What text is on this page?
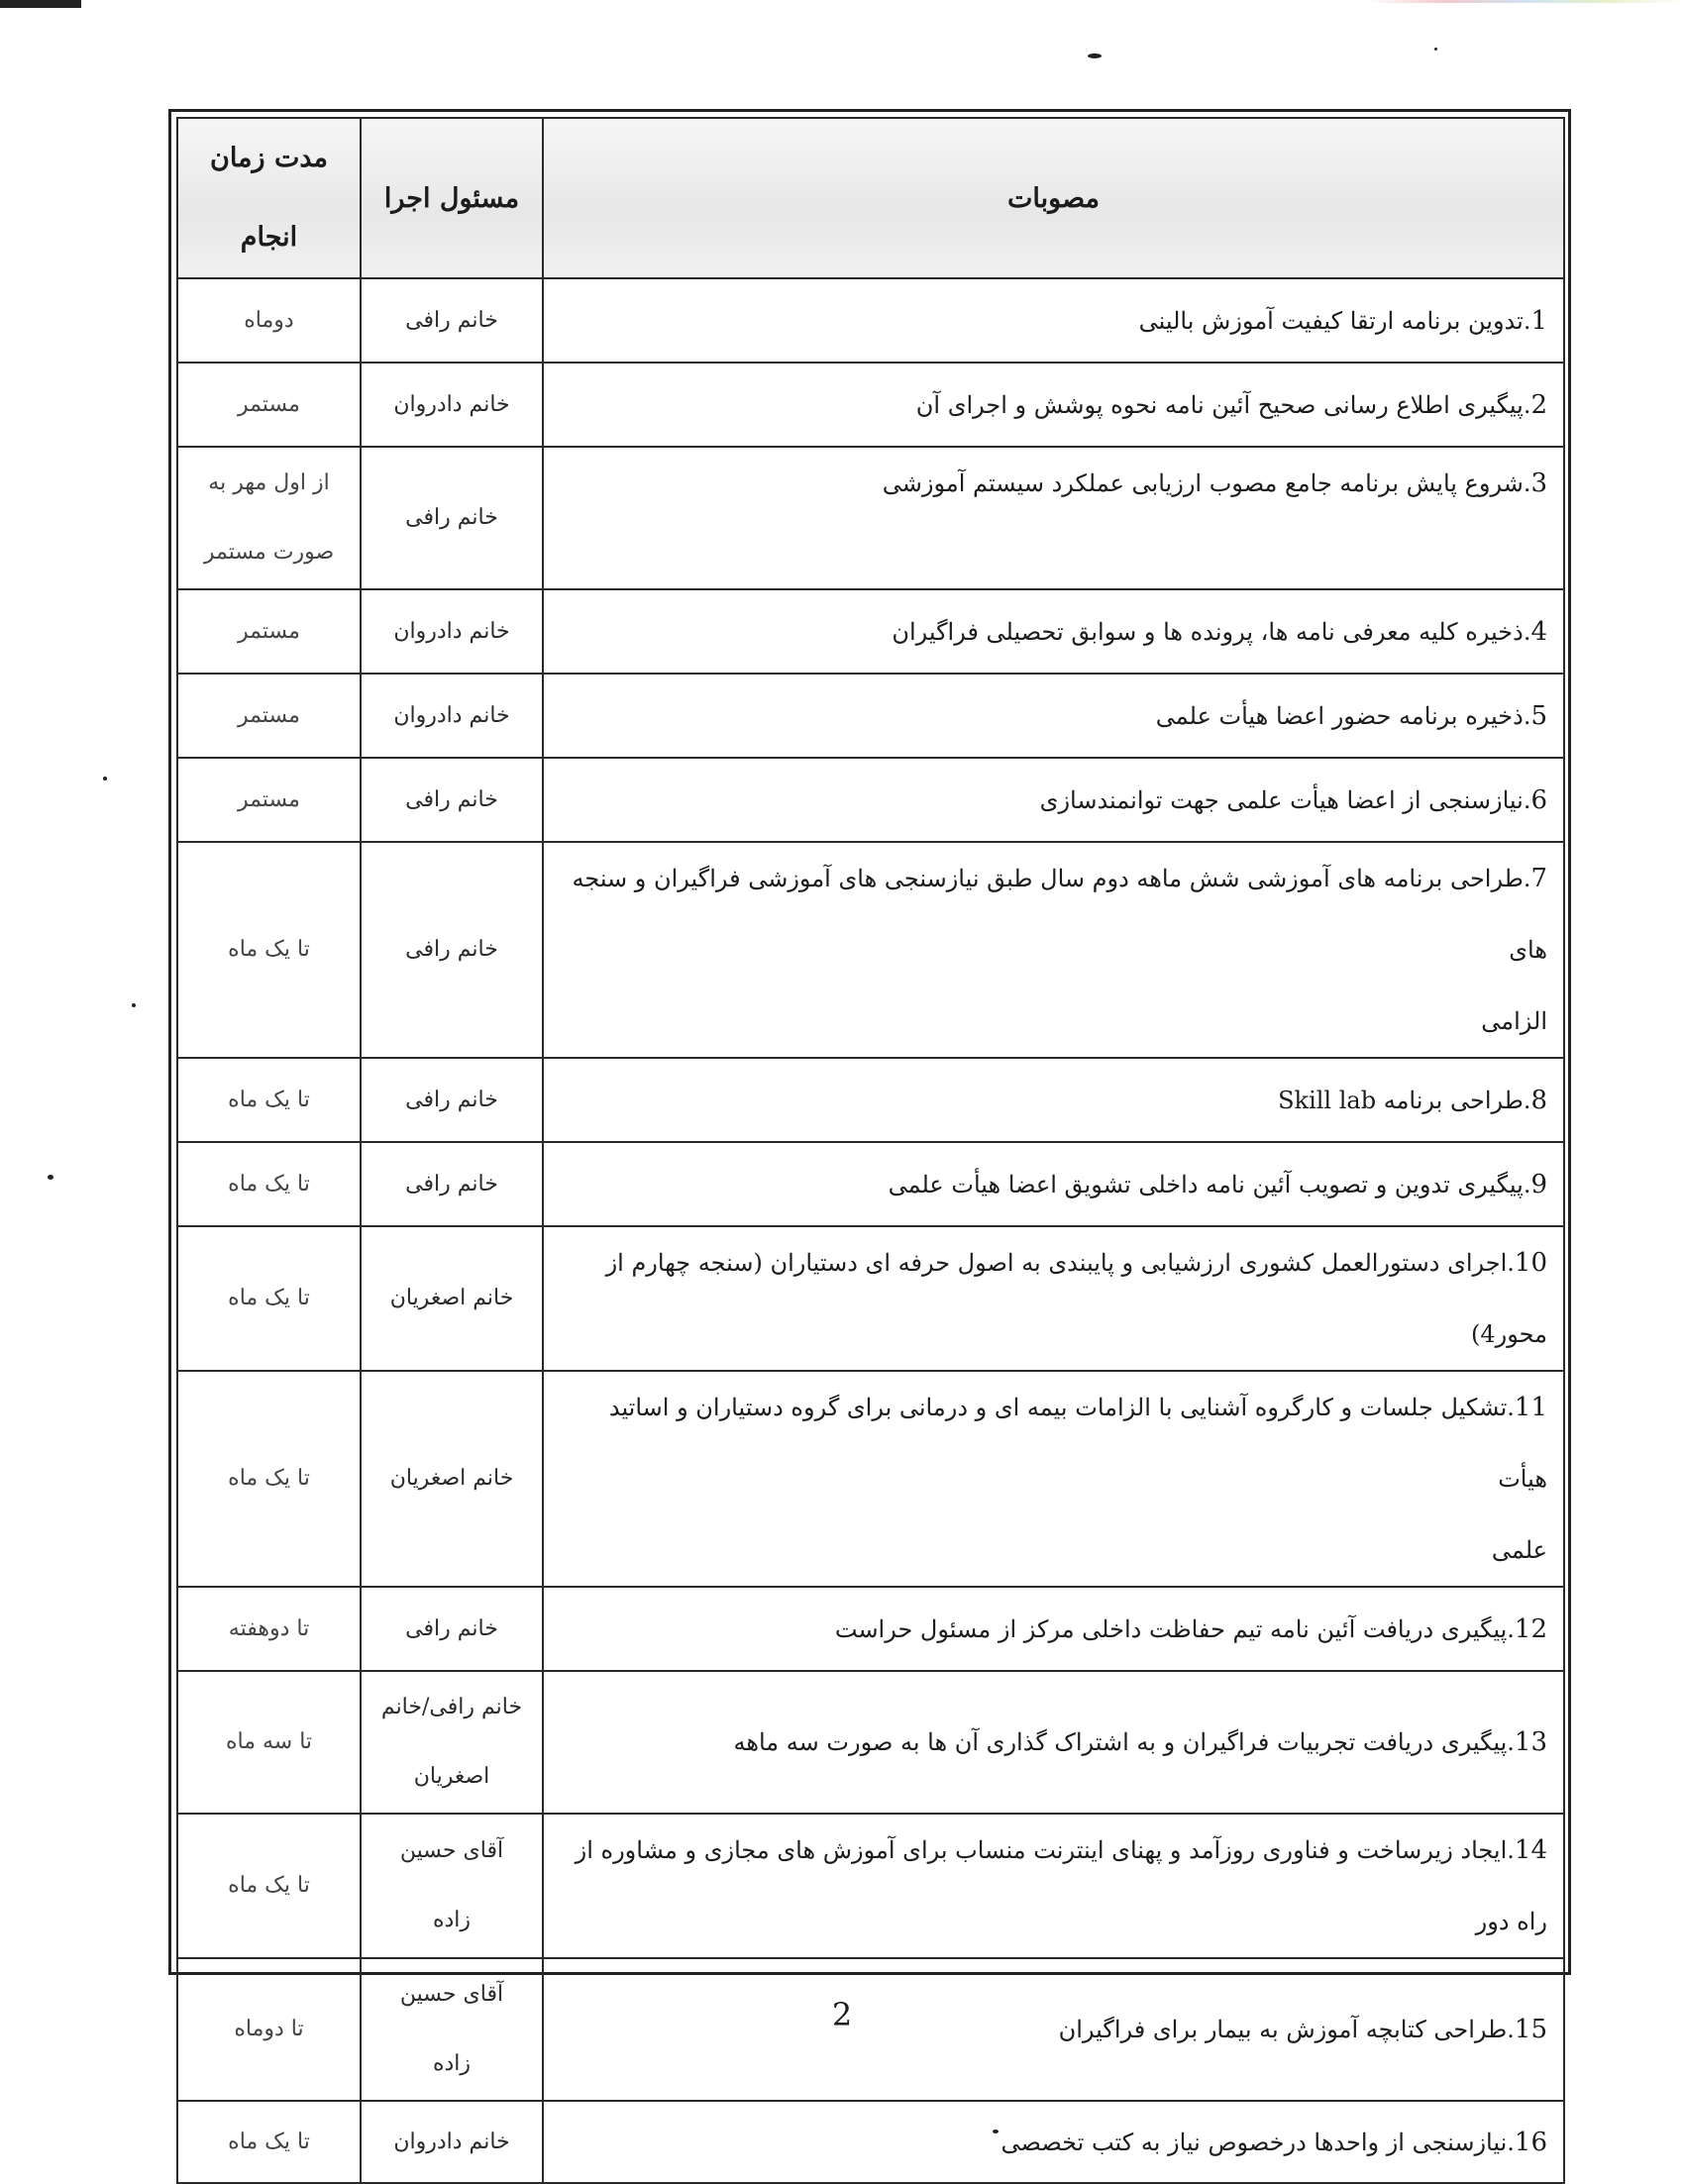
مصوبات	مسئول اجرا	مدت زمان
انجام

1.تدوین برنامه ارتقا کیفیت آموزش بالینی	خانم رافی	دوماه
2.پیگیری اطلاع رسانی صحیح آئین نامه نحوه پوشش و اجرای آن	خانم دادروان	مستمر
3.شروع پایش برنامه جامع مصوب ارزیابی عملکرد سیستم آموزشی	خانم رافی	از اول مهر به
صورت مستمر

4.ذخیره کلیه معرفی نامه ها، پرونده ها و سوابق تحصیلی فراگیران	خانم دادروان	مستمر
5.ذخیره برنامه حضور اعضا هیأت علمی	خانم دادروان	مستمر
6.نیازسنجی از اعضا هیأت علمی جهت توانمندسازی	خانم رافی	مستمر

7.طراحی برنامه های آموزشی شش ماهه دوم سال طبق نیازسنجی های آموزشی فراگیران و سنجه های
الزامی	خانم رافی	تا یک ماه
8.طراحی برنامه Skill lab	خانم رافی	تا یک ماه
9.پیگیری تدوین و تصویب آئین نامه داخلی تشویق اعضا هیأت علمی	خانم رافی	تا یک ماه
10.اجرای دستورالعمل کشوری ارزشیابی و پایبندی به اصول حرفه ای دستیاران (سنجه چهارم از محور4)	خانم اصغریان	تا یک ماه

11.تشکیل جلسات و کارگروه آشنایی با الزامات بیمه ای و درمانی برای گروه دستیاران و اساتید هیأت
علمی	خانم اصغریان	تا یک ماه
12.پیگیری دریافت آئین نامه تیم حفاظت داخلی مرکز از مسئول حراست	خانم رافی	تا دوهفته
13.پیگیری دریافت تجربیات فراگیران و به اشتراک گذاری آن ها به صورت سه ماهه	خانم رافی/خانم
اصغریان	تا سه ماه
14.ایجاد زیرساخت و فناوری روزآمد و پهنای اینترنت منساب برای آموزش های مجازی و مشاوره از راه دور	آقای حسین
زاده	تا یک ماه
15.طراحی کتابچه آموزش به بیمار برای فراگیران	آقای حسین
زاده	تا دوماه
16.نیازسنجی از واحدها درخصوص نیاز به کتب تخصصی	خانم دادروان	تا یک ماه
2
